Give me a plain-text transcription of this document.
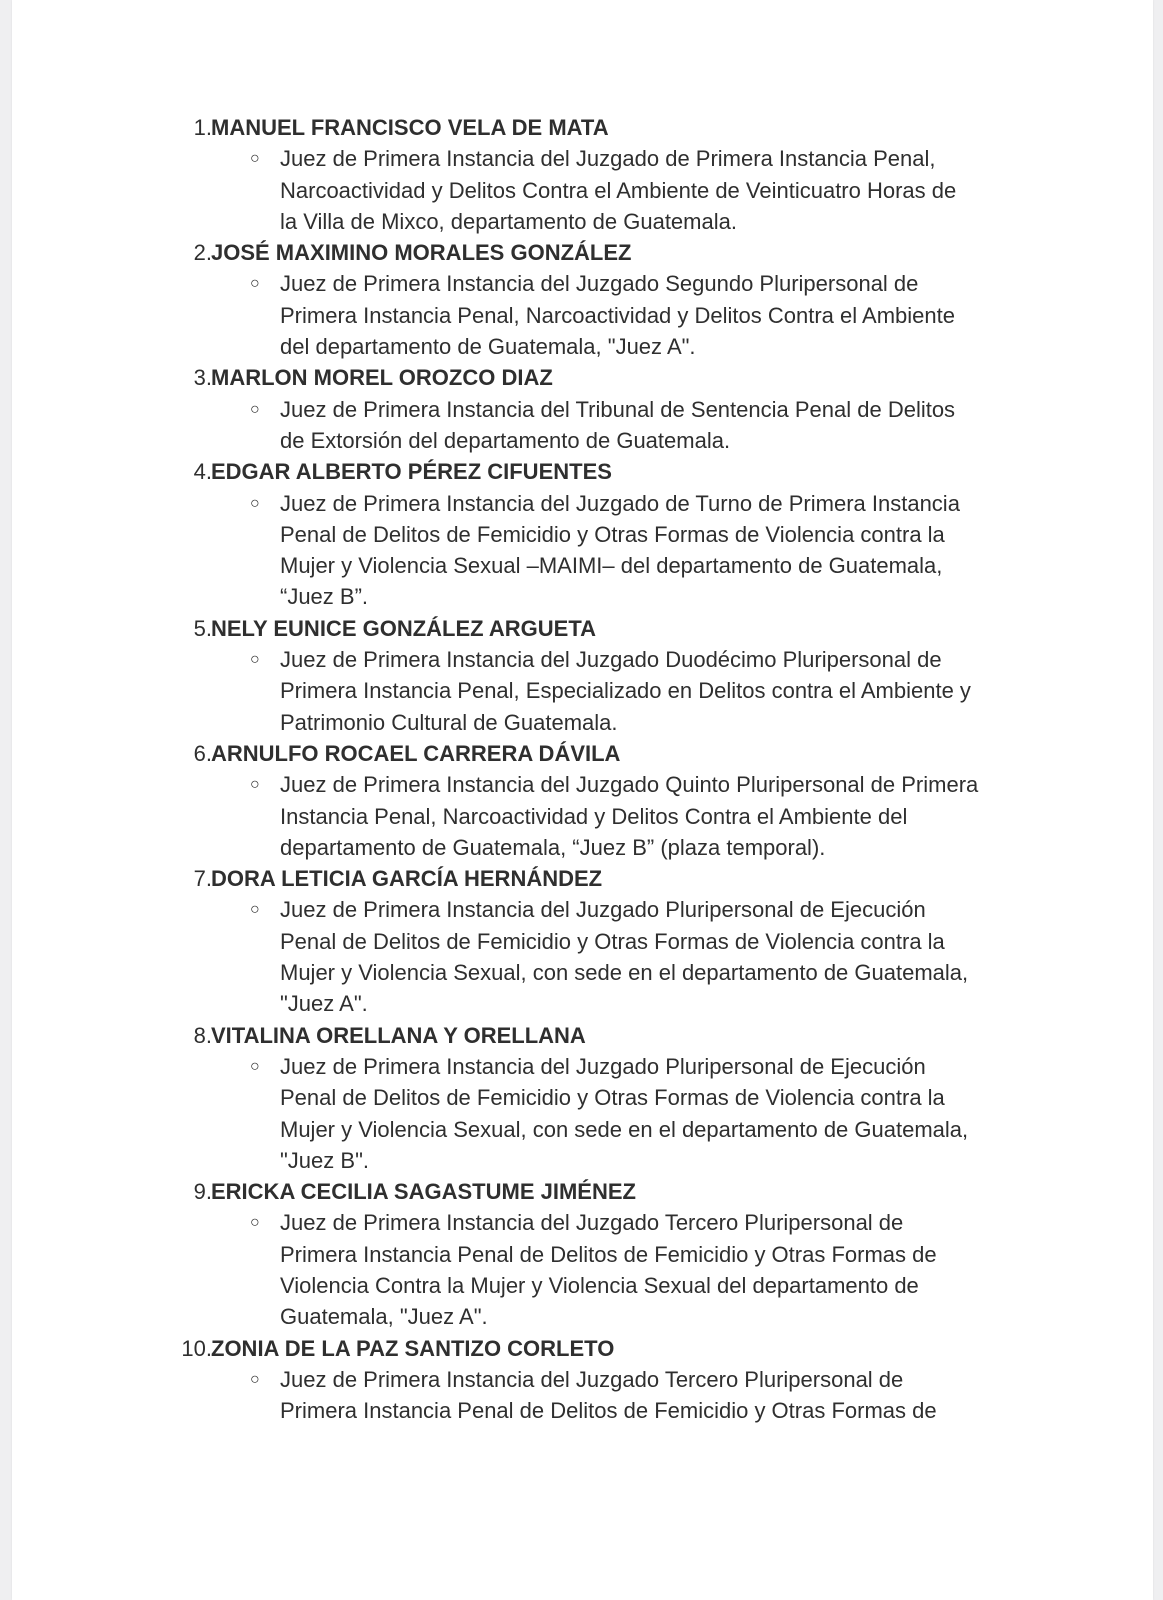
1. MANUEL FRANCISCO VELA DE MATA
○ Juez de Primera Instancia del Juzgado de Primera Instancia Penal,
Narcoactividad y Delitos Contra el Ambiente de Veinticuatro Horas de
la Villa de Mixco, departamento de Guatemala.
2. JOSÉ MAXIMINO MORALES GONZÁLEZ
○ Juez de Primera Instancia del Juzgado Segundo Pluripersonal de
Primera Instancia Penal, Narcoactividad y Delitos Contra el Ambiente
del departamento de Guatemala, "Juez A".
3. MARLON MOREL OROZCO DIAZ
○ Juez de Primera Instancia del Tribunal de Sentencia Penal de Delitos
de Extorsión del departamento de Guatemala.
4. EDGAR ALBERTO PÉREZ CIFUENTES
○ Juez de Primera Instancia del Juzgado de Turno de Primera Instancia
Penal de Delitos de Femicidio y Otras Formas de Violencia contra la
Mujer y Violencia Sexual –MAIMI– del departamento de Guatemala,
“Juez B”.
5. NELY EUNICE GONZÁLEZ ARGUETA
○ Juez de Primera Instancia del Juzgado Duodécimo Pluripersonal de
Primera Instancia Penal, Especializado en Delitos contra el Ambiente y
Patrimonio Cultural de Guatemala.
6. ARNULFO ROCAEL CARRERA DÁVILA
○ Juez de Primera Instancia del Juzgado Quinto Pluripersonal de Primera
Instancia Penal, Narcoactividad y Delitos Contra el Ambiente del
departamento de Guatemala, “Juez B” (plaza temporal).
7. DORA LETICIA GARCÍA HERNÁNDEZ
○ Juez de Primera Instancia del Juzgado Pluripersonal de Ejecución
Penal de Delitos de Femicidio y Otras Formas de Violencia contra la
Mujer y Violencia Sexual, con sede en el departamento de Guatemala,
"Juez A".
8. VITALINA ORELLANA Y ORELLANA
○ Juez de Primera Instancia del Juzgado Pluripersonal de Ejecución
Penal de Delitos de Femicidio y Otras Formas de Violencia contra la
Mujer y Violencia Sexual, con sede en el departamento de Guatemala,
"Juez B".
9. ERICKA CECILIA SAGASTUME JIMÉNEZ
○ Juez de Primera Instancia del Juzgado Tercero Pluripersonal de
Primera Instancia Penal de Delitos de Femicidio y Otras Formas de
Violencia Contra la Mujer y Violencia Sexual del departamento de
Guatemala, "Juez A".
10. ZONIA DE LA PAZ SANTIZO CORLETO
○ Juez de Primera Instancia del Juzgado Tercero Pluripersonal de
Primera Instancia Penal de Delitos de Femicidio y Otras Formas de
